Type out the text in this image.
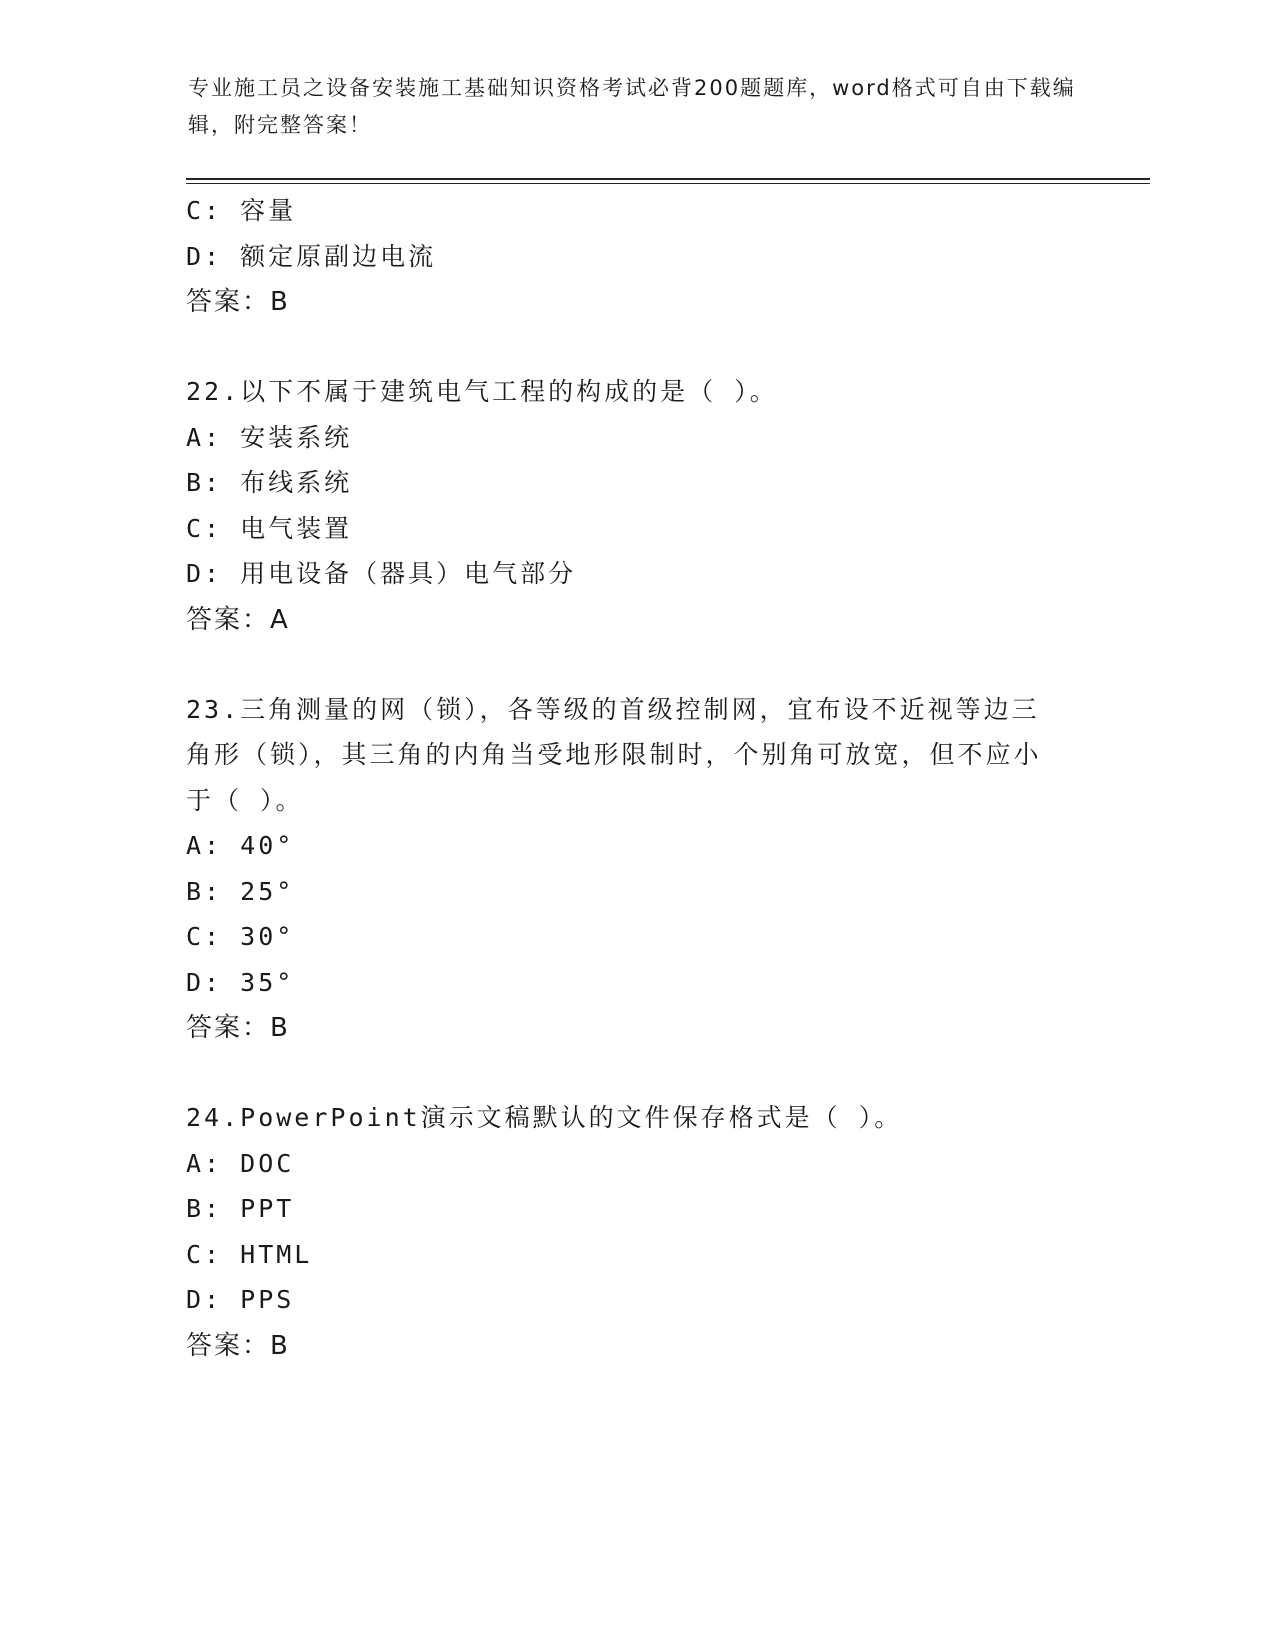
专业施工员之设备安装施工基础知识资格考试必背200题题库，word格式可自由下载编辑，附完整答案！
C: 容量
D: 额定原副边电流
答案：B
22.以下不属于建筑电气工程的构成的是（ ）。
A: 安装系统
B: 布线系统
C: 电气装置
D: 用电设备（器具）电气部分
答案：A
23.三角测量的网（锁），各等级的首级控制网，宜布设不近视等边三角形（锁），其三角的内角当受地形限制时，个别角可放宽，但不应小于（ ）。
A: 40°
B: 25°
C: 30°
D: 35°
答案：B
24.PowerPoint演示文稿默认的文件保存格式是（ ）。
A: DOC
B: PPT
C: HTML
D: PPS
答案：B
